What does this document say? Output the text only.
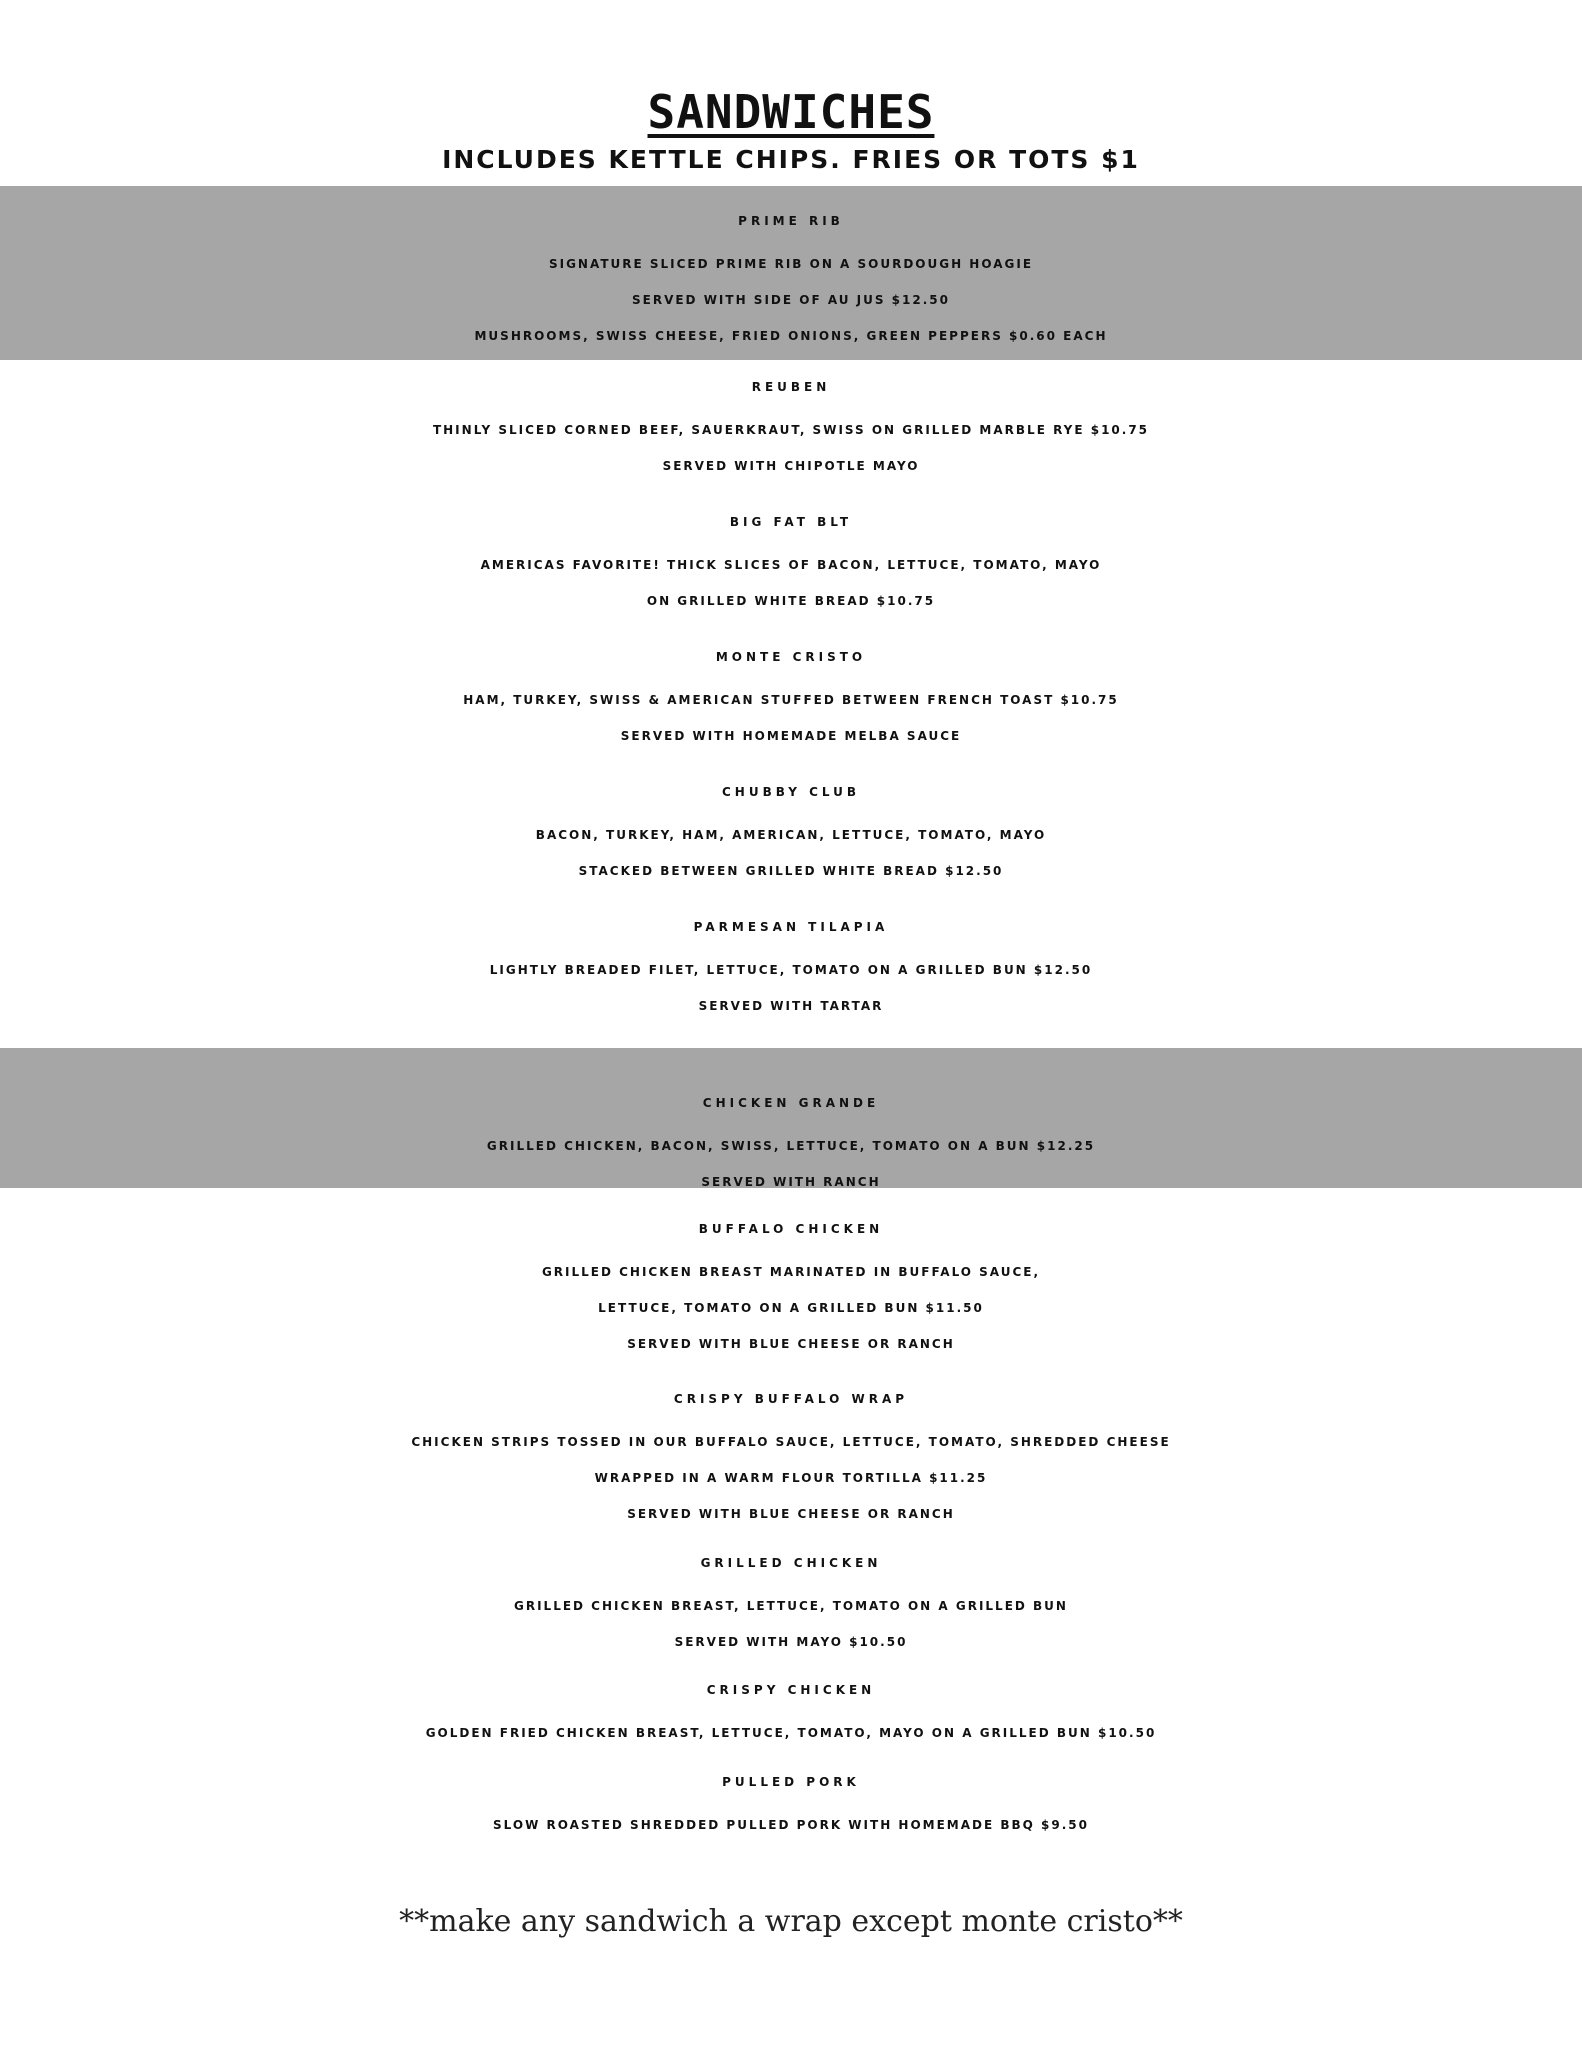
SANDWICHES
INCLUDES KETTLE CHIPS. FRIES OR TOTS $1
PRIME RIB
SIGNATURE SLICED PRIME RIB ON A SOURDOUGH HOAGIE
SERVED WITH SIDE OF AU JUS $12.50
MUSHROOMS, SWISS CHEESE, FRIED ONIONS, GREEN PEPPERS $0.60 EACH
REUBEN
THINLY SLICED CORNED BEEF, SAUERKRAUT, SWISS ON GRILLED MARBLE RYE $10.75
SERVED WITH CHIPOTLE MAYO
BIG FAT BLT
AMERICAS FAVORITE! THICK SLICES OF BACON, LETTUCE, TOMATO, MAYO
ON GRILLED WHITE BREAD $10.75
MONTE CRISTO
HAM, TURKEY, SWISS & AMERICAN STUFFED BETWEEN FRENCH TOAST $10.75
SERVED WITH HOMEMADE MELBA SAUCE
CHUBBY CLUB
BACON, TURKEY, HAM, AMERICAN, LETTUCE, TOMATO, MAYO
STACKED BETWEEN GRILLED WHITE BREAD $12.50
PARMESAN TILAPIA
LIGHTLY BREADED FILET, LETTUCE, TOMATO ON A GRILLED BUN $12.50
SERVED WITH TARTAR
CHICKEN GRANDE
GRILLED CHICKEN, BACON, SWISS, LETTUCE, TOMATO ON A BUN $12.25
SERVED WITH RANCH
BUFFALO CHICKEN
GRILLED CHICKEN BREAST MARINATED IN BUFFALO SAUCE,
LETTUCE, TOMATO ON A GRILLED BUN $11.50
SERVED WITH BLUE CHEESE OR RANCH
CRISPY BUFFALO WRAP
CHICKEN STRIPS TOSSED IN OUR BUFFALO SAUCE, LETTUCE, TOMATO, SHREDDED CHEESE
WRAPPED IN A WARM FLOUR TORTILLA $11.25
SERVED WITH BLUE CHEESE OR RANCH
GRILLED CHICKEN
GRILLED CHICKEN BREAST, LETTUCE, TOMATO ON A GRILLED BUN
SERVED WITH MAYO $10.50
CRISPY CHICKEN
GOLDEN FRIED CHICKEN BREAST, LETTUCE, TOMATO, MAYO ON A GRILLED BUN $10.50
PULLED PORK
SLOW ROASTED SHREDDED PULLED PORK WITH HOMEMADE BBQ $9.50
**make any sandwich a wrap except monte cristo**
